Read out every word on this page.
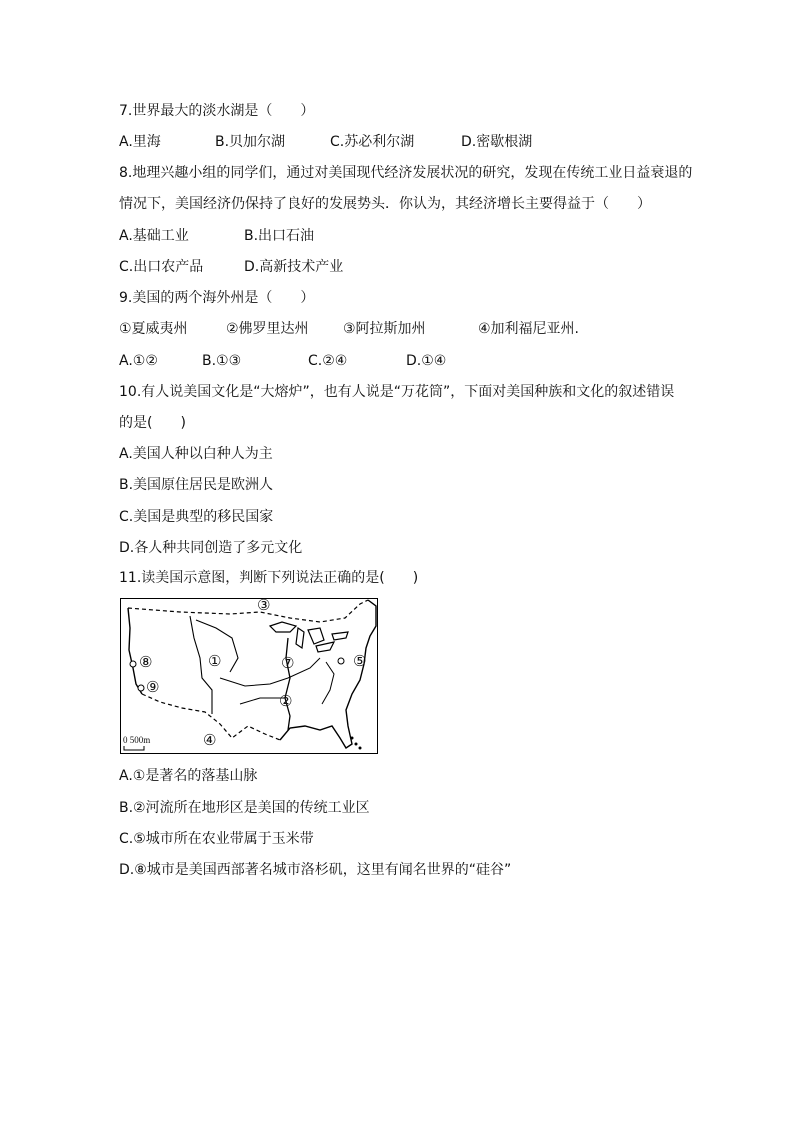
7.世界最大的淡水湖是（　　）
A.里海	B.贝加尔湖	C.苏必利尔湖	D.密歇根湖
8.地理兴趣小组的同学们，通过对美国现代经济发展状况的研究，发现在传统工业日益衰退的
情况下，美国经济仍保持了良好的发展势头．你认为，其经济增长主要得益于（　　）
A.基础工业	B.出口石油
C.出口农产品	D.高新技术产业
9.美国的两个海外州是（　　）
①夏威夷州	②佛罗里达州 ③阿拉斯加州	④加利福尼亚州.
A.①②	B.①③	C.②④	D.①④
10.有人说美国文化是“大熔炉”，也有人说是“万花筒”，下面对美国种族和文化的叙述错误
的是(　　)
A.美国人种以白种人为主
B.美国原住居民是欧洲人
C.美国是典型的移民国家
D.各人种共同创造了多元文化
11.读美国示意图，判断下列说法正确的是(　　)
③
①	⑦	⑤
⑧
⑨
②
④
0 500m
A.①是著名的落基山脉
B.②河流所在地形区是美国的传统工业区
C.⑤城市所在农业带属于玉米带
D.⑧城市是美国西部著名城市洛杉矶，这里有闻名世界的“硅谷”
